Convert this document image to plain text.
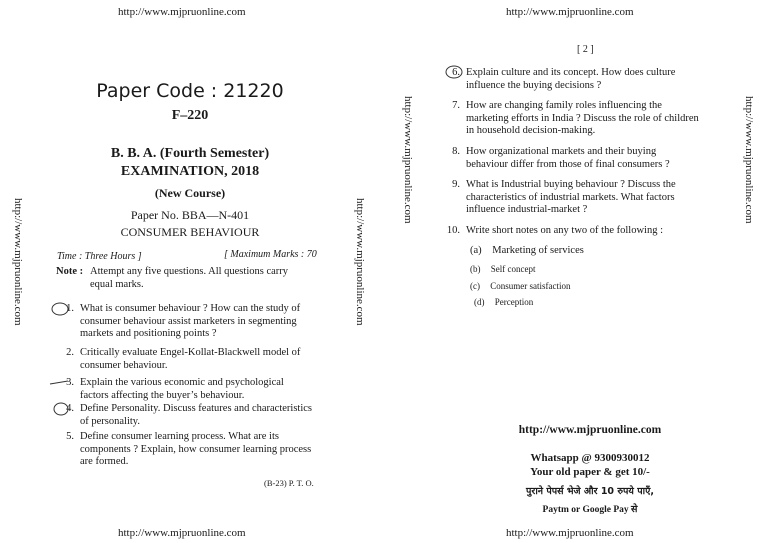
http://www.mjpruonline.com	http://www.mjpruonline.com
http://www.mjpruonline.com	http://www.mjpruonline.com
http://www.mjpruonline.com	http://www.mjpruonline.com
Paper Code : 21220
F–220
B. B. A. (Fourth Semester)
EXAMINATION, 2018
(New Course)
Paper No. BBA—N-401
CONSUMER BEHAVIOUR
Time : Three Hours ]	[ Maximum Marks : 70
Note : Attempt any five questions. All questions carry
equal marks.
1. What is consumer behaviour ? How can the study of
consumer behaviour assist marketers in segmenting
markets and positioning points ?
2. Critically evaluate Engel-Kollat-Blackwell model of
consumer behaviour.
3. Explain the various economic and psychological
factors affecting the buyer’s behaviour.
4. Define Personality. Discuss features and characteristics
of personality.
5. Define consumer learning process. What are its
components ? Explain, how consumer learning process
are formed.
(B-23) P. T. O.
[ 2 ]
6. Explain culture and its concept. How does culture
influence the buying decisions ?
7. How are changing family roles influencing the
marketing efforts in India ? Discuss the role of children
in household decision-making.
8. How organizational markets and their buying
behaviour differ from those of final consumers ?
9. What is Industrial buying behaviour ? Discuss the
characteristics of industrial markets. What factors
influence industrial-market ?
10. Write short notes on any two of the following :
(a) Marketing of services
(b) Self concept
(c) Consumer satisfaction
(d) Perception
http://www.mjpruonline.com
Whatsapp @ 9300930012
Your old paper & get 10/-
पुराने पेपर्स भेजे और 10 रुपये पाएँ,
Paytm or Google Pay से
http://www.mjpruonline.com	http://www.mjpruonline.com
